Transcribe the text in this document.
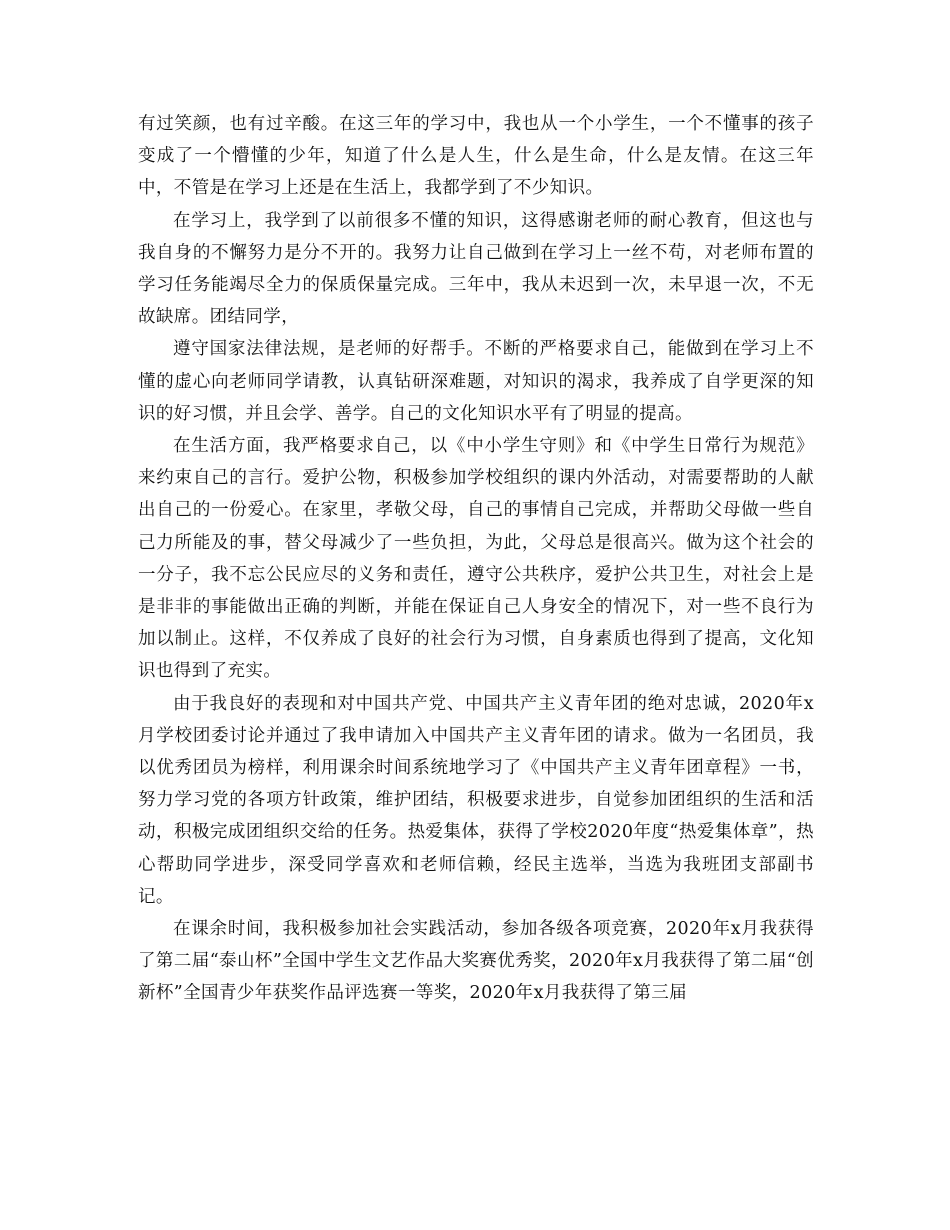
有过笑颜，也有过辛酸。在这三年的学习中，我也从一个小学生，一个不懂事的孩子变成了一个懵懂的少年，知道了什么是人生，什么是生命，什么是友情。在这三年中，不管是在学习上还是在生活上，我都学到了不少知识。

在学习上，我学到了以前很多不懂的知识，这得感谢老师的耐心教育，但这也与我自身的不懈努力是分不开的。我努力让自己做到在学习上一丝不苟，对老师布置的学习任务能竭尽全力的保质保量完成。三年中，我从未迟到一次，未早退一次，不无故缺席。团结同学，

遵守国家法律法规，是老师的好帮手。不断的严格要求自己，能做到在学习上不懂的虚心向老师同学请教，认真钻研深难题，对知识的渴求，我养成了自学更深的知识的好习惯，并且会学、善学。自己的文化知识水平有了明显的提高。

在生活方面，我严格要求自己，以《中小学生守则》和《中学生日常行为规范》来约束自己的言行。爱护公物，积极参加学校组织的课内外活动，对需要帮助的人献出自己的一份爱心。在家里，孝敬父母，自己的事情自己完成，并帮助父母做一些自己力所能及的事，替父母减少了一些负担，为此，父母总是很高兴。做为这个社会的一分子，我不忘公民应尽的义务和责任，遵守公共秩序，爱护公共卫生，对社会上是是非非的事能做出正确的判断，并能在保证自己人身安全的情况下，对一些不良行为加以制止。这样，不仅养成了良好的社会行为习惯，自身素质也得到了提高，文化知识也得到了充实。

由于我良好的表现和对中国共产党、中国共产主义青年团的绝对忠诚，2020年x月学校团委讨论并通过了我申请加入中国共产主义青年团的请求。做为一名团员，我以优秀团员为榜样，利用课余时间系统地学习了《中国共产主义青年团章程》一书，努力学习党的各项方针政策，维护团结，积极要求进步，自觉参加团组织的生活和活动，积极完成团组织交给的任务。热爱集体，获得了学校2020年度“热爱集体章”，热心帮助同学进步，深受同学喜欢和老师信赖，经民主选举，当选为我班团支部副书记。

在课余时间，我积极参加社会实践活动，参加各级各项竞赛，2020年x月我获得了第二届“泰山杯”全国中学生文艺作品大奖赛优秀奖，2020年x月我获得了第二届“创新杯”全国青少年获奖作品评选赛一等奖，2020年x月我获得了第三届
